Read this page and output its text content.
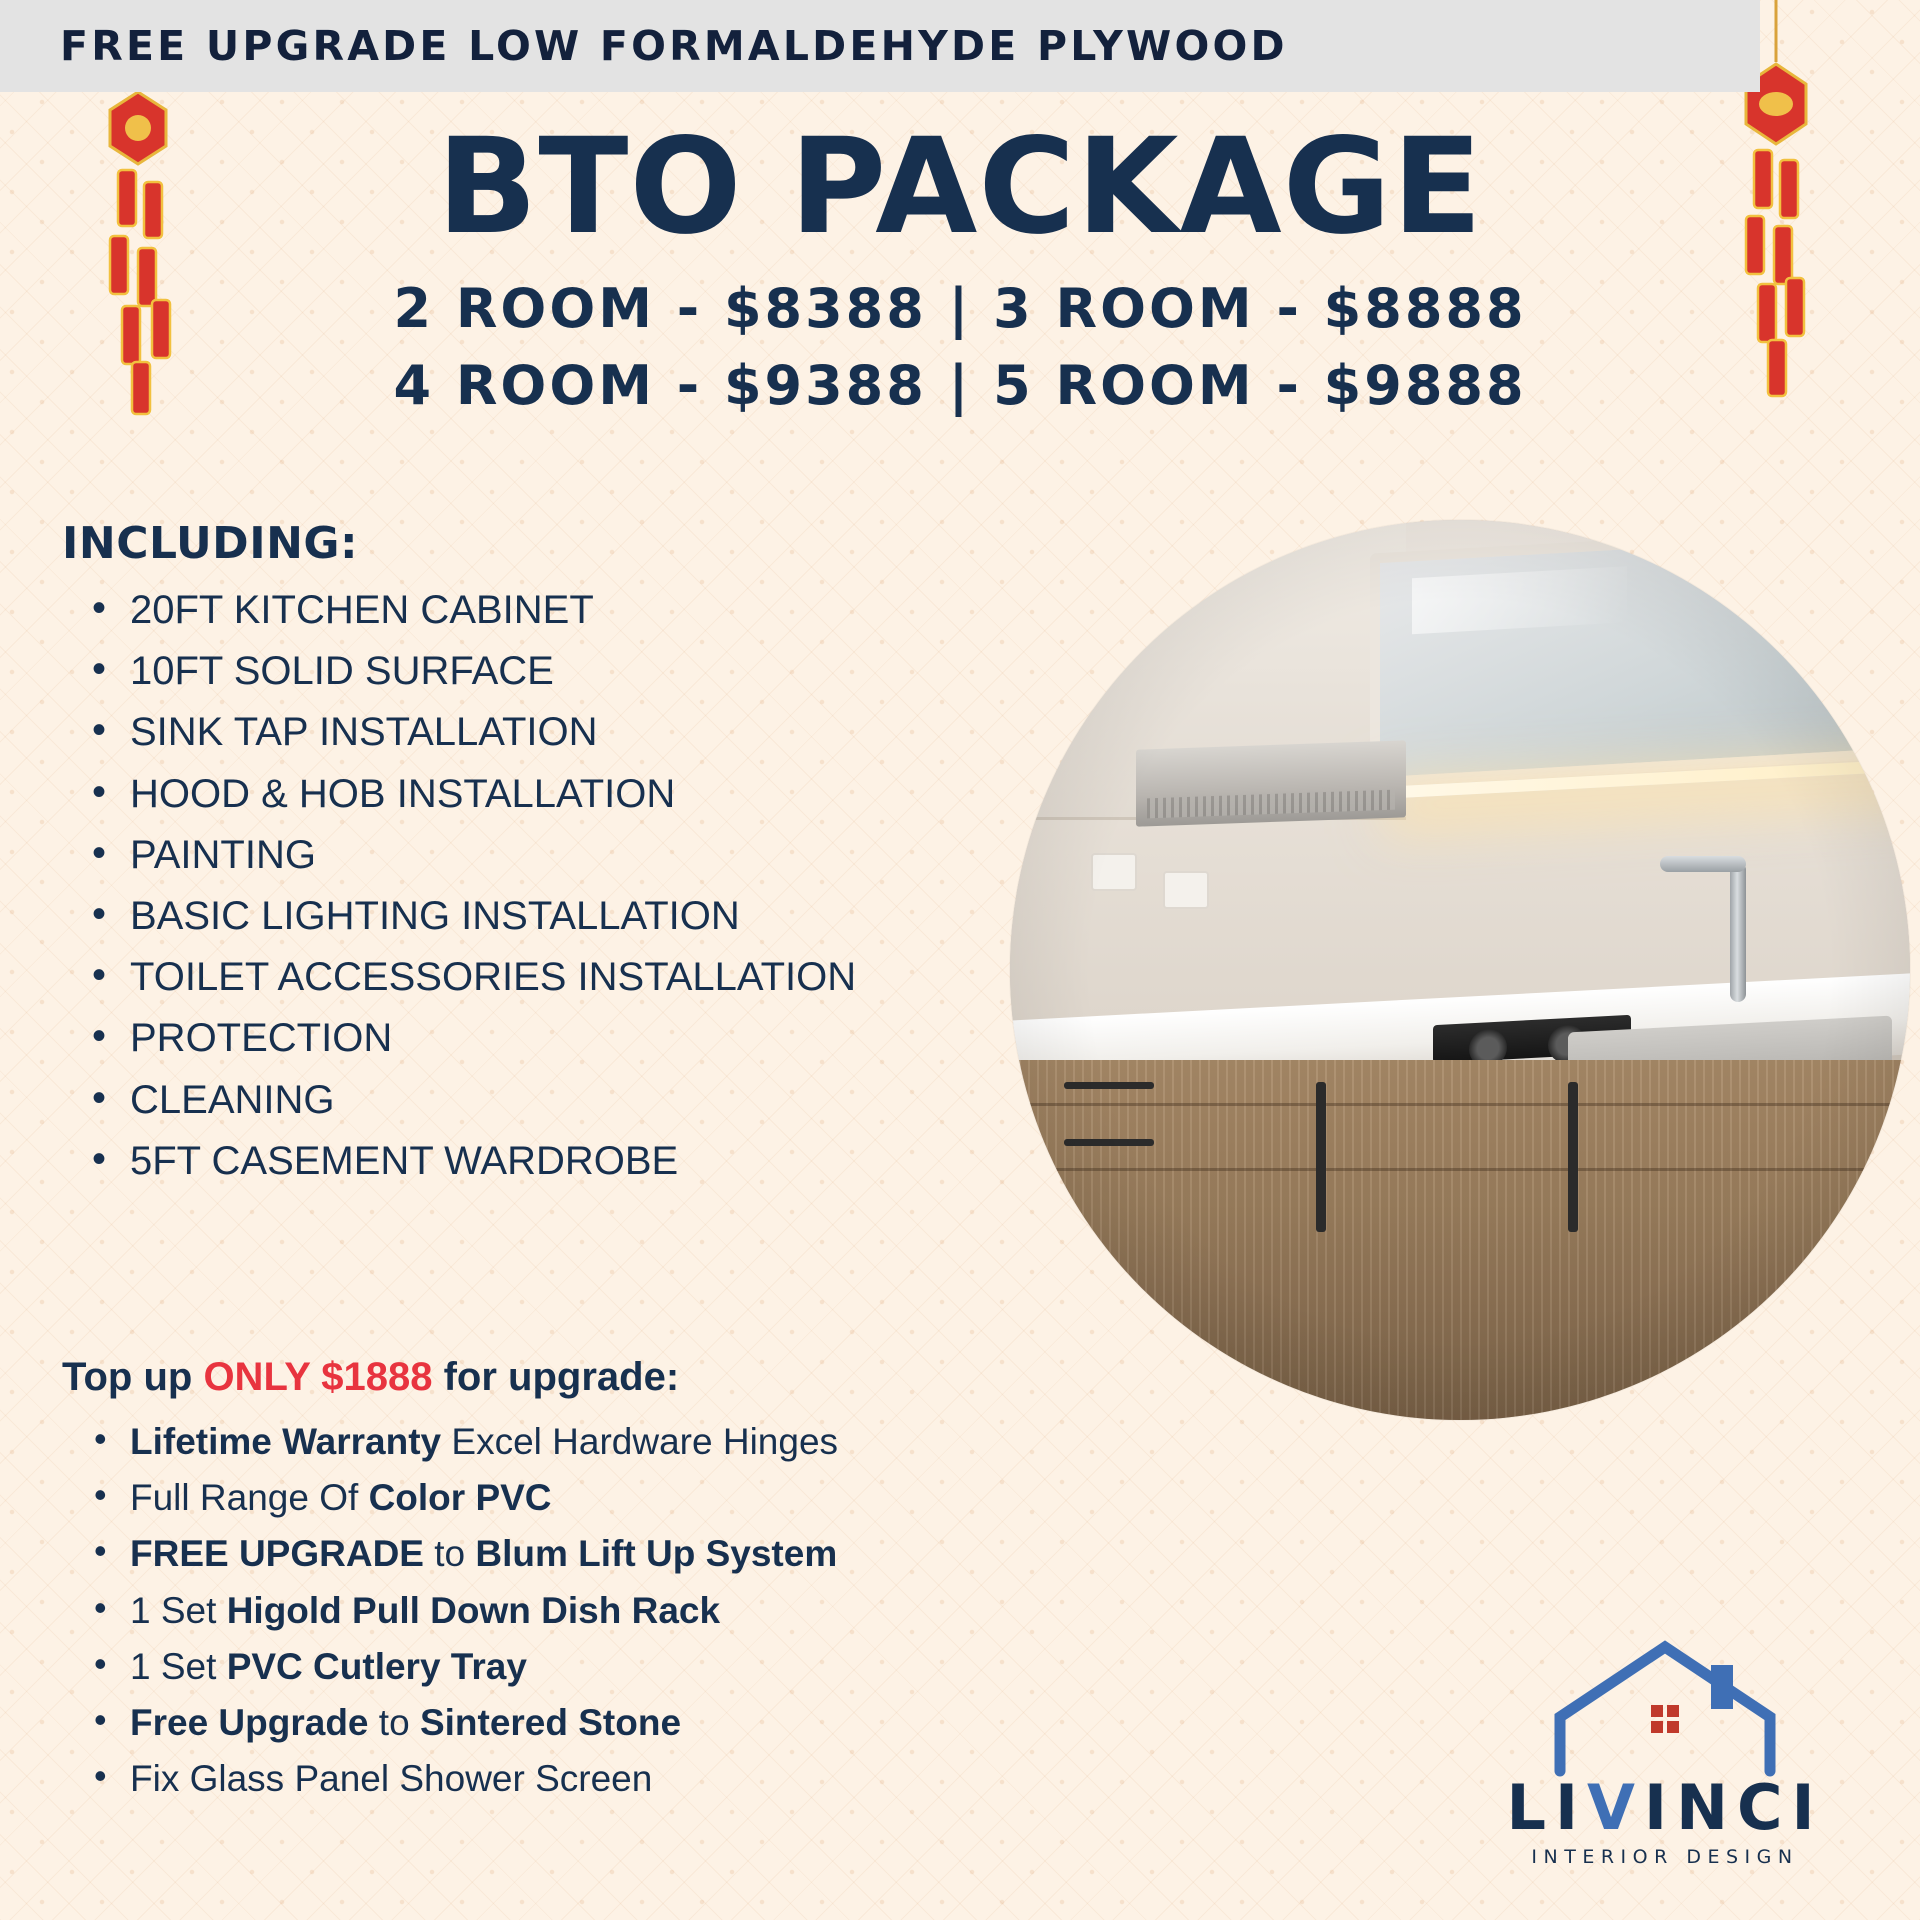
FREE UPGRADE LOW FORMALDEHYDE PLYWOOD
BTO PACKAGE
2 ROOM - $8388 | 3 ROOM - $8888
4 ROOM - $9388 | 5 ROOM - $9888
INCLUDING:
• 20FT KITCHEN CABINET
• 10FT SOLID SURFACE
• SINK TAP INSTALLATION
• HOOD & HOB INSTALLATION
• PAINTING
• BASIC LIGHTING INSTALLATION
• TOILET ACCESSORIES INSTALLATION
• PROTECTION
• CLEANING
• 5FT CASEMENT WARDROBE
Top up ONLY $1888 for upgrade:
• Lifetime Warranty Excel Hardware Hinges
• Full Range Of Color PVC
• FREE UPGRADE to Blum Lift Up System
• 1 Set Higold Pull Down Dish Rack
• 1 Set PVC Cutlery Tray
• Free Upgrade to Sintered Stone
• Fix Glass Panel Shower Screen	LIVINCI
INTERIOR DESIGN
